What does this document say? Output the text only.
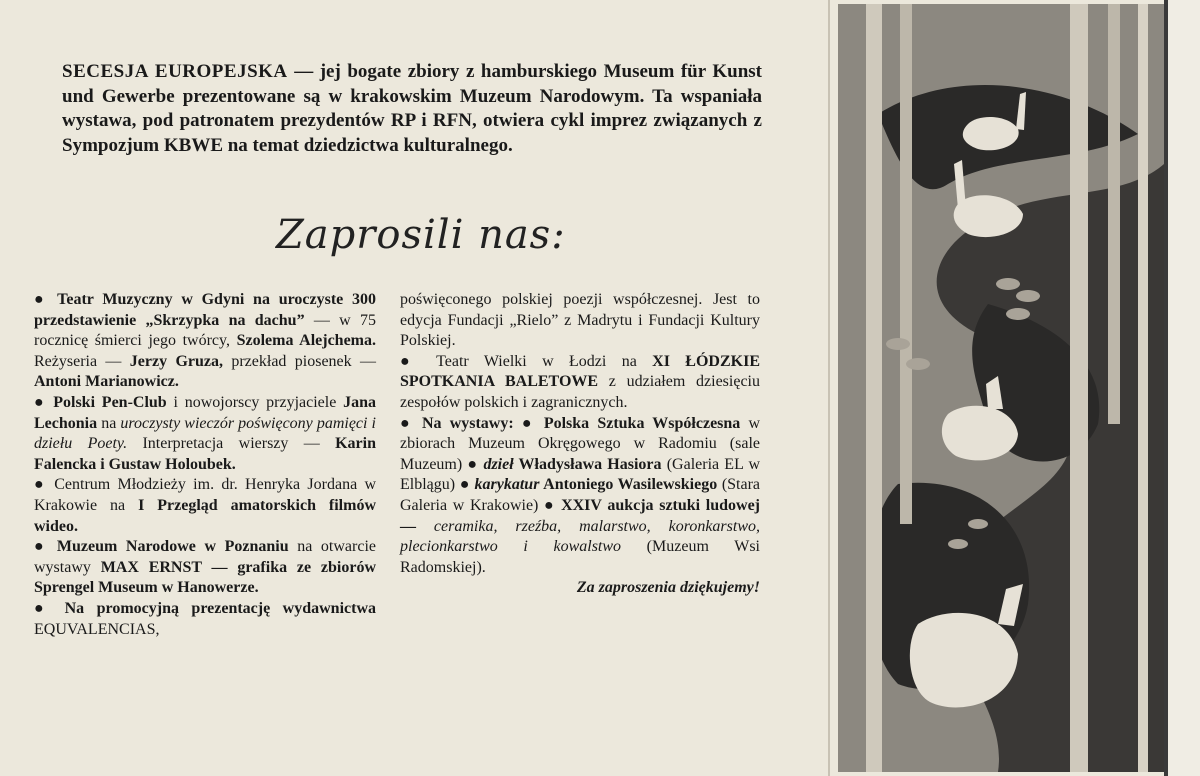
SECESJA EUROPEJSKA — jej bogate zbiory z hamburskiego Museum für Kunst und Gewerbe prezentowane są w krakowskim Muzeum Narodowym. Ta wspaniała wystawa, pod patronatem prezydentów RP i RFN, otwiera cykl imprez związanych z Sympozjum KBWE na temat dziedzictwa kulturalnego.
Zaprosili nas:

● Teatr Muzyczny w Gdyni na uroczyste 300 przedstawienie „Skrzypka na dachu” — w 75 rocznicę śmierci jego twórcy, Szolema Alejchema. Reżyseria — Jerzy Gruza, przekład piosenek — Antoni Marianowicz.

● Polski Pen-Club i nowojorscy przyjaciele Jana Lechonia na uroczysty wieczór poświęcony pamięci i dziełu Poety. Interpretacja wierszy — Karin Falencka i Gustaw Holoubek.

● Centrum Młodzieży im. dr. Henryka Jordana w Krakowie na I Przegląd amatorskich filmów wideo.

● Muzeum Narodowe w Poznaniu na otwarcie wystawy MAX ERNST — grafika ze zbiorów Sprengel Museum w Hanowerze.

● Na promocyjną prezentację wydawnictwa EQUVALENCIAS,

poświęconego polskiej poezji współczesnej. Jest to edycja Fundacji „Rielo” z Madrytu i Fundacji Kultury Polskiej.

● Teatr Wielki w Łodzi na XI ŁÓDZKIE SPOTKANIA BALETOWE z udziałem dziesięciu zespołów polskich i zagranicznych.

● Na wystawy: ● Polska Sztuka Współczesna w zbiorach Muzeum Okręgowego w Radomiu (sale Muzeum) ● dzieł Władysława Hasiora (Galeria EL w Elblągu) ● karykatur Antoniego Wasilewskiego (Stara Galeria w Krakowie) ● XXIV aukcja sztuki ludowej — ceramika, rzeźba, malarstwo, koronkarstwo, plecionkarstwo i kowalstwo (Muzeum Wsi Radomskiej).

Za zaproszenia dziękujemy!
